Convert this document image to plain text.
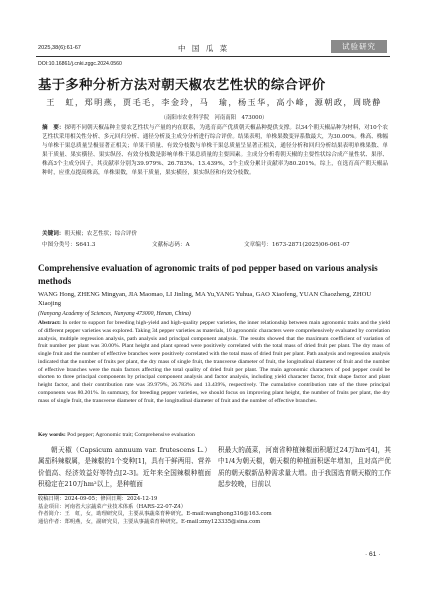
2025,38(6):61-67	中 国 瓜 菜	试验研究
DOI:10.16861/j.cnki.zggc.2024.0560
基于多种分析方法对朝天椒农艺性状的综合评价
王　虹，郑明燕，贾毛毛，李金玲，马　瑜，杨玉华，高小峰，源朝政，周晓静
（南阳市农业科学院　河南南阳　473000）
摘　要：探明不同朝天椒品种主要农艺性状与产量的内在联系，为选育高产优质朝天椒品种提供支撑。以34个朝天椒品种为材料，对10个农艺性状采用相关性分析、多元回归分析、通径分析及主成分分析进行综合评价。结果表明，单株果数变异系数最大，为30.00%。株高、株幅与单株干果总质量呈极显著正相关；单果干质量、有效分枝数与单株干果总质量呈显著正相关，通径分析和回归分析结果表明单株果数、单果干质量、果实横径、果实纵径、有效分枝数是影响单株干果总质量的主要因素。主成分分析将朝天椒的主要性状综合成产量性状、果形、株高3个主成分因子，其贡献率分别为39.979%、26.783%、13.439%，3个主成分累计贡献率为80.201%。综上，在选育高产朝天椒品种时，应重点提高株高，单株果数，单果干质量，果实横径，果实纵径和有效分枝数。
关键词：朝天椒；农艺性状；综合评价
中图分类号：S641.3	文献标志码：A	文章编号：1673-2871(2025)06-061-07
Comprehensive evaluation of agronomic traits of pod pepper based on various analysis methods
WANG Hong, ZHENG Mingyan, JIA Maomao, LI Jinling, MA Yu,YANG Yuhua, GAO Xiaofeng, YUAN Chaozheng, ZHOU Xiaojing
(Nanyang Academy of Sciences, Nanyang 473000, Henan, China)
Abstract: In order to support for breeding high-yield and high-quality pepper varieties, the inner relationship between main agronomic traits and the yield of different pepper varieties was explored. Taking 34 pepper varieties as materials, 10 agronomic characters were comprehensively evaluated by correlation analysis, multiple regression analysis, path analysis and principal component analysis. The results showed that the maximum coefficient of variation of fruit number per plant was 30.00%. Plant height and plant spread were positively correlated with the total mass of dried fruit per plant. The dry mass of single fruit and the number of effective branches were positively correlated with the total mass of dried fruit per plant. Path analysis and regression analysis indicated that the number of fruits per plant, the dry mass of single fruit, the transverse diameter of fruit, the longitudinal diameter of fruit and the number of effective branches were the main factors affecting the total quality of dried fruit per plant. The main agronomic characters of pod pepper could be shorten to three principal components by principal component analysis and factor analysis, including yield character factor, fruit shape factor and plant height factor, and their contribution rate was 39.979%, 26.783% and 13.439%, respectively. The cumulative contribution rate of the three principal components was 80.201%. In summary, for breeding pepper varieties, we should focus on improving plant height, the number of fruits per plant, the dry mass of single fruit, the transverse diameter of fruit, the longitudinal diameter of fruit and the number of effective branches.
Key words: Pod pepper; Agronomic trait; Comprehensive evaluation
朝天椒（Capsicum annuum var. frutescens L.）属茄科辣椒属，是辣椒的1个变种[1]，具有干鲜两用、营养价值高、经济效益好等特点[2-3]。近年来全国辣椒种植面积稳定在210万hm²以上，是种植面
积最大的蔬菜，河南省种植辣椒面积超过24万hm²[4]，其中1/4为朝天椒，朝天椒的种植面积逐年增加，且对高产优质的朝天椒新品种需求量大增。由于我国选育朝天椒的工作起步较晚，目前以
收稿日期：2024-09-05；修回日期：2024-12-19
基金项目：河南省大宗蔬菜产业技术体系（HARS-22-07-Z4）
作者简介：王　虹，女，助理研究员，主要从事蔬菜育种研究。E-mail:wanghong316@163.com
通信作者：郑明燕，女，副研究员，主要从事蔬菜育种研究。E-mail:zmy123335@sina.com
· 61 ·
